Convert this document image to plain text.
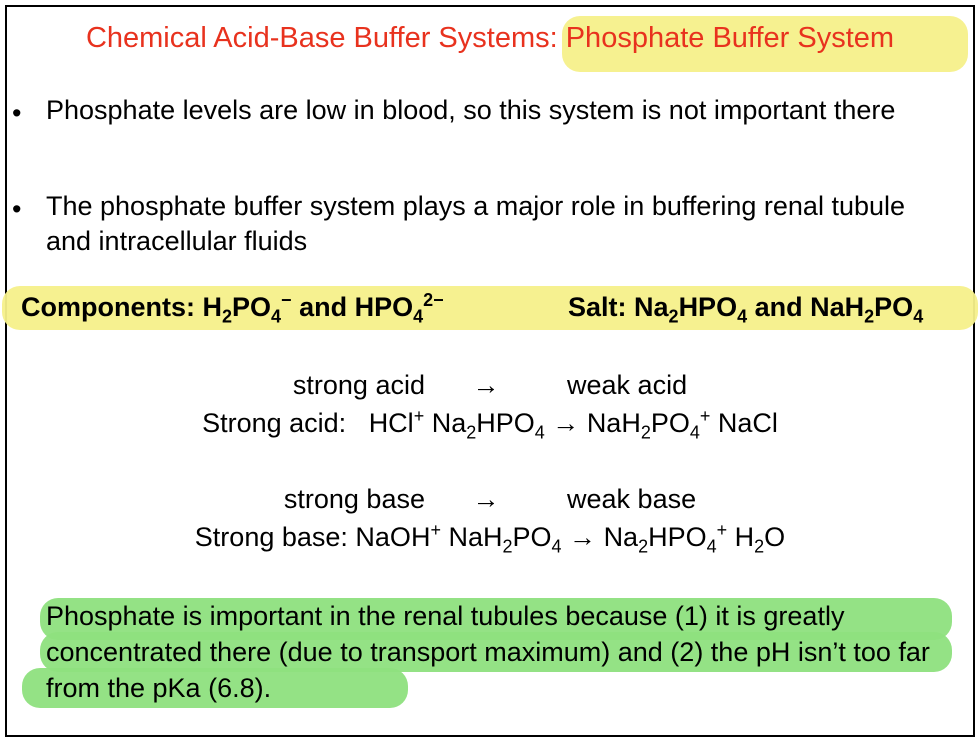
Chemical Acid-Base Buffer Systems: Phosphate Buffer System
• Phosphate levels are low in blood, so this system is not important there
• The phosphate buffer system plays a major role in buffering renal tubule and intracellular fluids
Components: $H_2PO_4^-$ and $HPO_4^{2-}$	Salt: $Na_2HPO_4$ and $NaH_2PO_4$
strong acid →	weak acid
Strong acid: HCl+ $Na_2HPO_4 \to NaH_2PO_4^+$ NaCl
strong base →	weak base
Strong base: NaOH+ $NaH_2PO_4 \to Na_2HPO_4^+$ $H_2O$
Phosphate is important in the renal tubules because (1) it is greatly concentrated there (due to transport maximum) and (2) the pH isn’t too far from the pKa (6.8).
